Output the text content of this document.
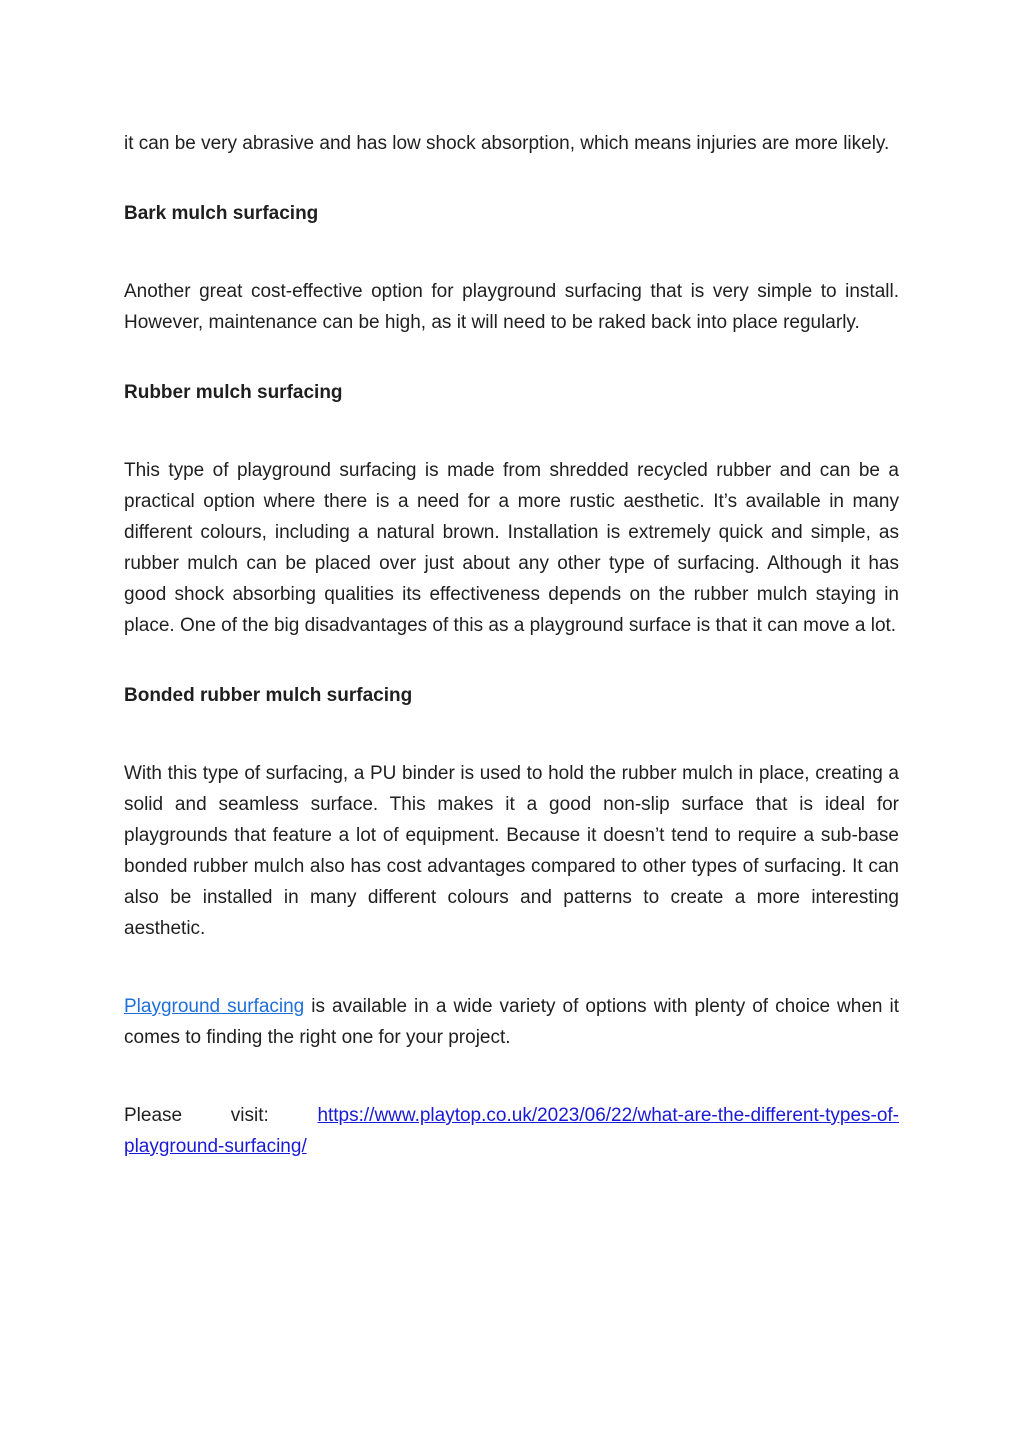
it can be very abrasive and has low shock absorption, which means injuries are more likely.

Bark mulch surfacing

Another great cost-effective option for playground surfacing that is very simple to install. However, maintenance can be high, as it will need to be raked back into place regularly.

Rubber mulch surfacing

This type of playground surfacing is made from shredded recycled rubber and can be a practical option where there is a need for a more rustic aesthetic. It’s available in many different colours, including a natural brown. Installation is extremely quick and simple, as rubber mulch can be placed over just about any other type of surfacing. Although it has good shock absorbing qualities its effectiveness depends on the rubber mulch staying in place. One of the big disadvantages of this as a playground surface is that it can move a lot.

Bonded rubber mulch surfacing

With this type of surfacing, a PU binder is used to hold the rubber mulch in place, creating a solid and seamless surface. This makes it a good non-slip surface that is ideal for playgrounds that feature a lot of equipment. Because it doesn’t tend to require a sub-base bonded rubber mulch also has cost advantages compared to other types of surfacing. It can also be installed in many different colours and patterns to create a more interesting aesthetic.

Playground surfacing is available in a wide variety of options with plenty of choice when it comes to finding the right one for your project.

Please visit:	https://www.playtop.co.uk/2023/06/22/what-are-the-different-types-of-

playground-surfacing/
